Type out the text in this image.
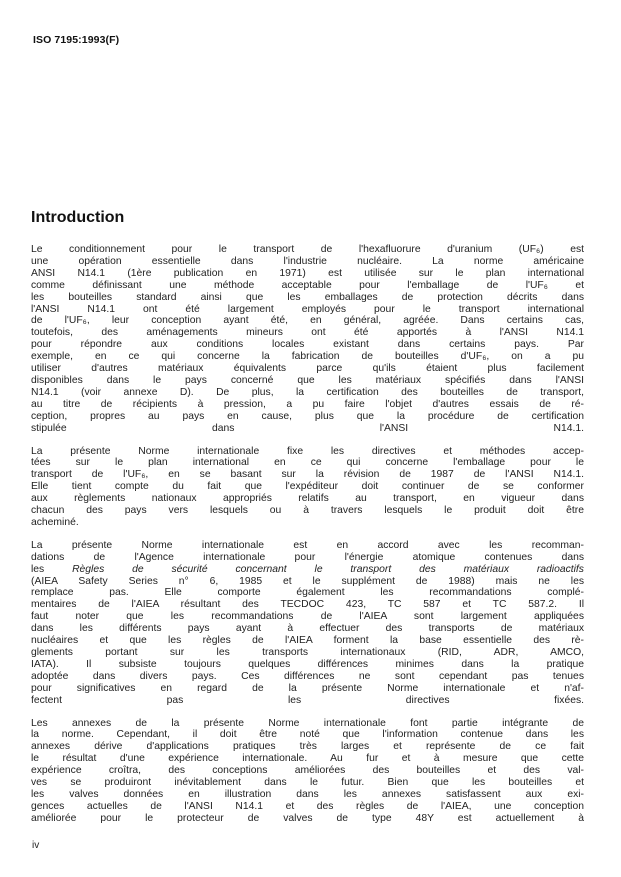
ISO 7195:1993(F)
Introduction

Le conditionnement pour le transport de l'hexafluorure d'uranium (UF₆) est
une opération essentielle dans l'industrie nucléaire. La norme américaine
ANSI N14.1 (1ère publication en 1971) est utilisée sur le plan international
comme définissant une méthode acceptable pour l'emballage de l'UF₆ et
les bouteilles standard ainsi que les emballages de protection décrits dans
l'ANSI N14.1 ont été largement employés pour le transport international
de l'UF₆, leur conception ayant été, en général, agréée. Dans certains cas,
toutefois, des aménagements mineurs ont été apportés à l'ANSI N14.1
pour répondre aux conditions locales existant dans certains pays. Par
exemple, en ce qui concerne la fabrication de bouteilles d'UF₆, on a pu
utiliser d'autres matériaux équivalents parce qu'ils étaient plus facilement
disponibles dans le pays concerné que les matériaux spécifiés dans l'ANSI
N14.1 (voir annexe D). De plus, la certification des bouteilles de transport,
au titre de récipients à pression, a pu faire l'objet d'autres essais de ré-
ception, propres au pays en cause, plus que la procédure de certification
stipulée dans l'ANSI N14.1.

La présente Norme internationale fixe les directives et méthodes accep-
tées sur le plan international en ce qui concerne l'emballage pour le
transport de l'UF₆, en se basant sur la révision de 1987 de l'ANSI N14.1.
Elle tient compte du fait que l'expéditeur doit continuer de se conformer
aux règlements nationaux appropriés relatifs au transport, en vigueur dans
chacun des pays vers lesquels ou à travers lesquels le produit doit être
acheminé.

La présente Norme internationale est en accord avec les recomman-
dations de l'Agence internationale pour l'énergie atomique contenues dans
les Règles de sécurité concernant le transport des matériaux radioactifs
(AIEA Safety Series n° 6, 1985 et le supplément de 1988) mais ne les
remplace pas. Elle comporte également les recommandations complé-
mentaires de l'AIEA résultant des TECDOC 423, TC 587 et TC 587.2. Il
faut noter que les recommandations de l'AIEA sont largement appliquées
dans les différents pays ayant à effectuer des transports de matériaux
nucléaires et que les règles de l'AIEA forment la base essentielle des rè-
glements portant sur les transports internationaux (RID, ADR, AMCO,
IATA). Il subsiste toujours quelques différences minimes dans la pratique
adoptée dans divers pays. Ces différences ne sont cependant pas tenues
pour significatives en regard de la présente Norme internationale et n'af-
fectent pas les directives fixées.

Les annexes de la présente Norme internationale font partie intégrante de
la norme. Cependant, il doit être noté que l'information contenue dans les
annexes dérive d'applications pratiques très larges et représente de ce fait
le résultat d'une expérience internationale. Au fur et à mesure que cette
expérience croîtra, des conceptions améliorées des bouteilles et des val-
ves se produiront inévitablement dans le futur. Bien que les bouteilles et
les valves données en illustration dans les annexes satisfassent aux exi-
gences actuelles de l'ANSI N14.1 et des règles de l'AIEA, une conception
améliorée pour le protecteur de valves de type 48Y est actuellement à

iv
